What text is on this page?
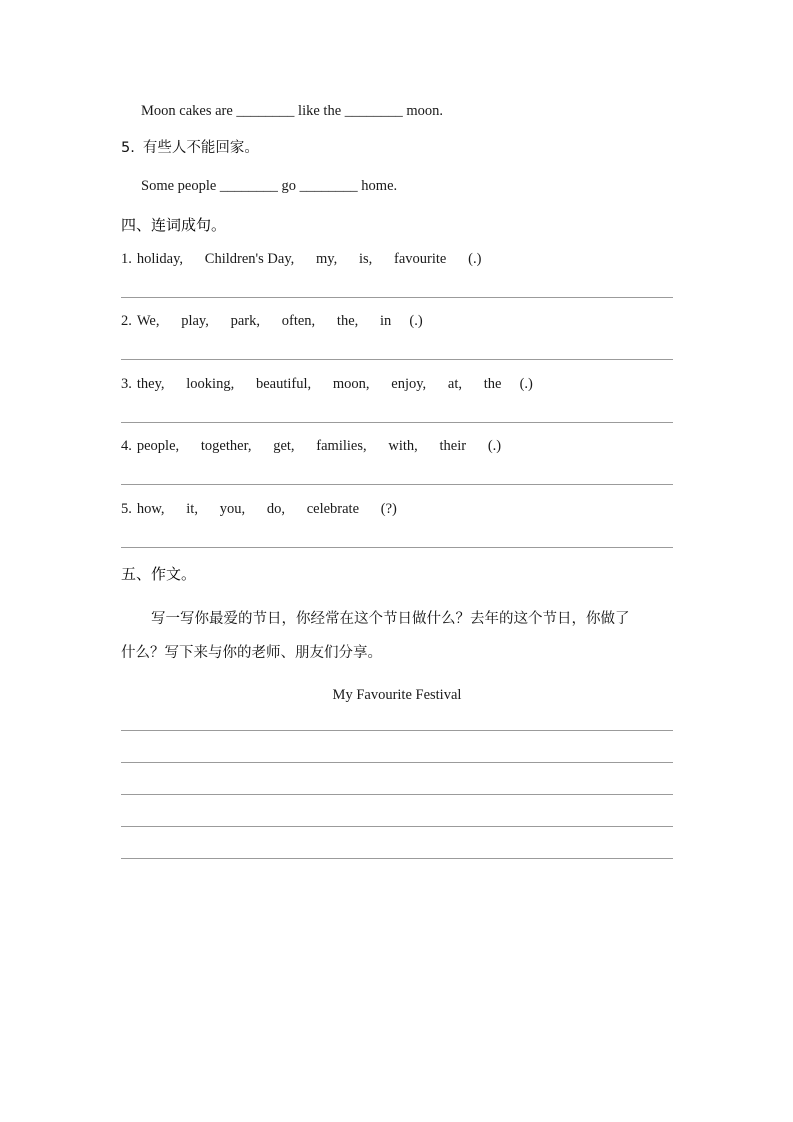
Moon cakes are ________ like the ________ moon.
5. 有些人不能回家。
Some people ________ go ________ home.
四、连词成句。
1. holiday,      Children's Day,      my,      is,      favourite      (.)
2. We,      play,      park,      often,      the,      in     (.)
3. they,      looking,      beautiful,      moon,      enjoy,      at,      the     (.)
4. people,      together,      get,      families,      with,      their      (.)
5. how,      it,      you,      do,      celebrate      (?)
五、作文。
写一写你最爱的节日，你经常在这个节日做什么？去年的这个节日，你做了
什么？写下来与你的老师、朋友们分享。
My Favourite Festival
